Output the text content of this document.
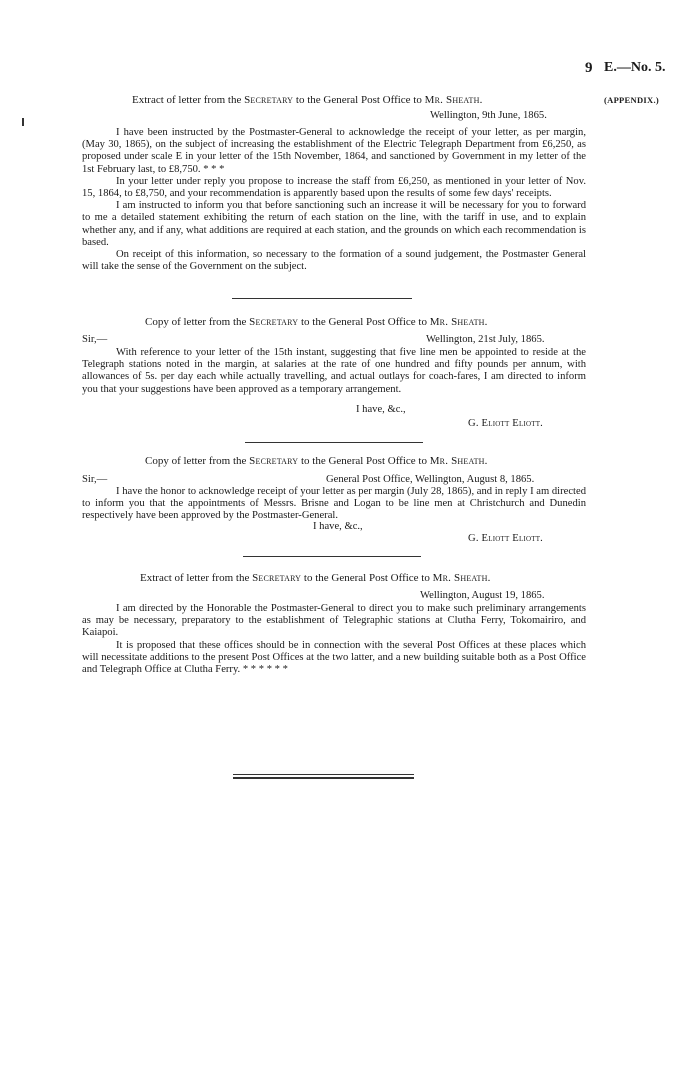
9 E.—No. 5.
(APPENDIX.)
Extract of letter from the Secretary to the General Post Office to Mr. Sheath.
Wellington, 9th June, 1865.

I have been instructed by the Postmaster-General to acknowledge the receipt of your letter, as per margin, (May 30, 1865), on the subject of increasing the establishment of the Electric Telegraph Department from £6,250, as proposed under scale E in your letter of the 15th November, 1864, and sanctioned by Government in my letter of the 1st February last, to £8,750. * * *

In your letter under reply you propose to increase the staff from £6,250, as mentioned in your letter of Nov. 15, 1864, to £8,750, and your recommendation is apparently based upon the results of some few days' receipts.

I am instructed to inform you that before sanctioning such an increase it will be necessary for you to forward to me a detailed statement exhibiting the return of each station on the line, with the tariff in use, and to explain whether any, and if any, what additions are required at each station, and the grounds on which each recommendation is based.

On receipt of this information, so necessary to the formation of a sound judgement, the Postmaster General will take the sense of the Government on the subject.

Copy of letter from the Secretary to the General Post Office to Mr. Sheath.
Sir,—	Wellington, 21st July, 1865.

With reference to your letter of the 15th instant, suggesting that five line men be appointed to reside at the Telegraph stations noted in the margin, at salaries at the rate of one hundred and fifty pounds per annum, with allowances of 5s. per day each while actually travelling, and actual outlays for coach-fares, I am directed to inform you that your suggestions have been approved as a temporary arrangement.

I have, &c.,
G. Eliott Eliott.
Copy of letter from the Secretary to the General Post Office to Mr. Sheath.
Sir,—	General Post Office, Wellington, August 8, 1865.

I have the honor to acknowledge receipt of your letter as per margin (July 28, 1865), and in reply I am directed to inform you that the appointments of Messrs. Brisne and Logan to be line men at Christchurch and Dunedin respectively have been approved by the Postmaster-General.

I have, &c.,
G. Eliott Eliott.
Extract of letter from the Secretary to the General Post Office to Mr. Sheath.
Wellington, August 19, 1865.

I am directed by the Honorable the Postmaster-General to direct you to make such preliminary arrangements as may be necessary, preparatory to the establishment of Telegraphic stations at Clutha Ferry, Tokomairiro, and Kaiapoi.

It is proposed that these offices should be in connection with the several Post Offices at these places which will necessitate additions to the present Post Offices at the two latter, and a new building suitable both as a Post Office and Telegraph Office at Clutha Ferry. * * * * * *
